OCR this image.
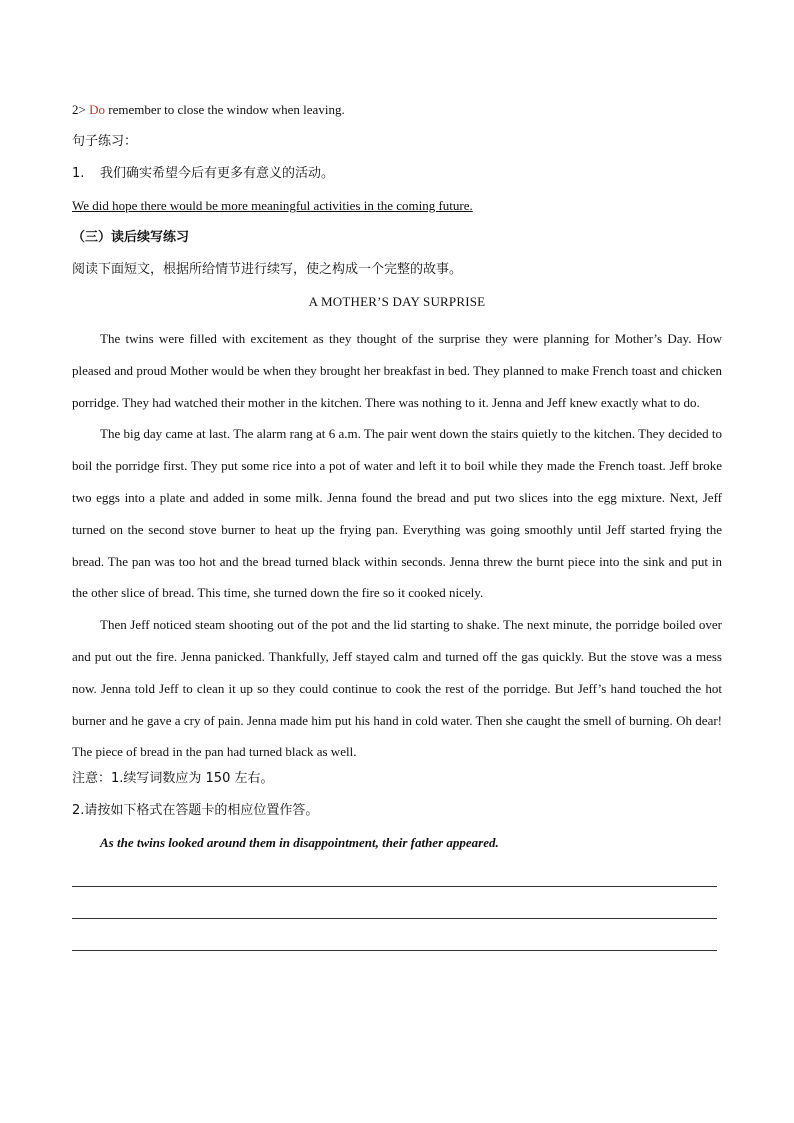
2> Do remember to close the window when leaving.
句子练习：
1. 我们确实希望今后有更多有意义的活动。
We did hope there would be more meaningful activities in the coming future.
（三）读后续写练习
阅读下面短文，根据所给情节进行续写，使之构成一个完整的故事。
A MOTHER’S DAY SURPRISE

The twins were filled with excitement as they thought of the surprise they were planning for Mother’s Day. How pleased and proud Mother would be when they brought her breakfast in bed. They planned to make French toast and chicken porridge. They had watched their mother in the kitchen. There was nothing to it. Jenna and Jeff knew exactly what to do.

The big day came at last. The alarm rang at 6 a.m. The pair went down the stairs quietly to the kitchen. They decided to boil the porridge first. They put some rice into a pot of water and left it to boil while they made the French toast. Jeff broke two eggs into a plate and added in some milk. Jenna found the bread and put two slices into the egg mixture. Next, Jeff turned on the second stove burner to heat up the frying pan. Everything was going smoothly until Jeff started frying the bread. The pan was too hot and the bread turned black within seconds. Jenna threw the burnt piece into the sink and put in the other slice of bread. This time, she turned down the fire so it cooked nicely.

Then Jeff noticed steam shooting out of the pot and the lid starting to shake. The next minute, the porridge boiled over and put out the fire. Jenna panicked. Thankfully, Jeff stayed calm and turned off the gas quickly. But the stove was a mess now. Jenna told Jeff to clean it up so they could continue to cook the rest of the porridge. But Jeff’s hand touched the hot burner and he gave a cry of pain. Jenna made him put his hand in cold water. Then she caught the smell of burning. Oh dear! The piece of bread in the pan had turned black as well.

注意：1.续写词数应为 150 左右。
2.请按如下格式在答题卡的相应位置作答。
As the twins looked around them in disappointment, their father appeared.
